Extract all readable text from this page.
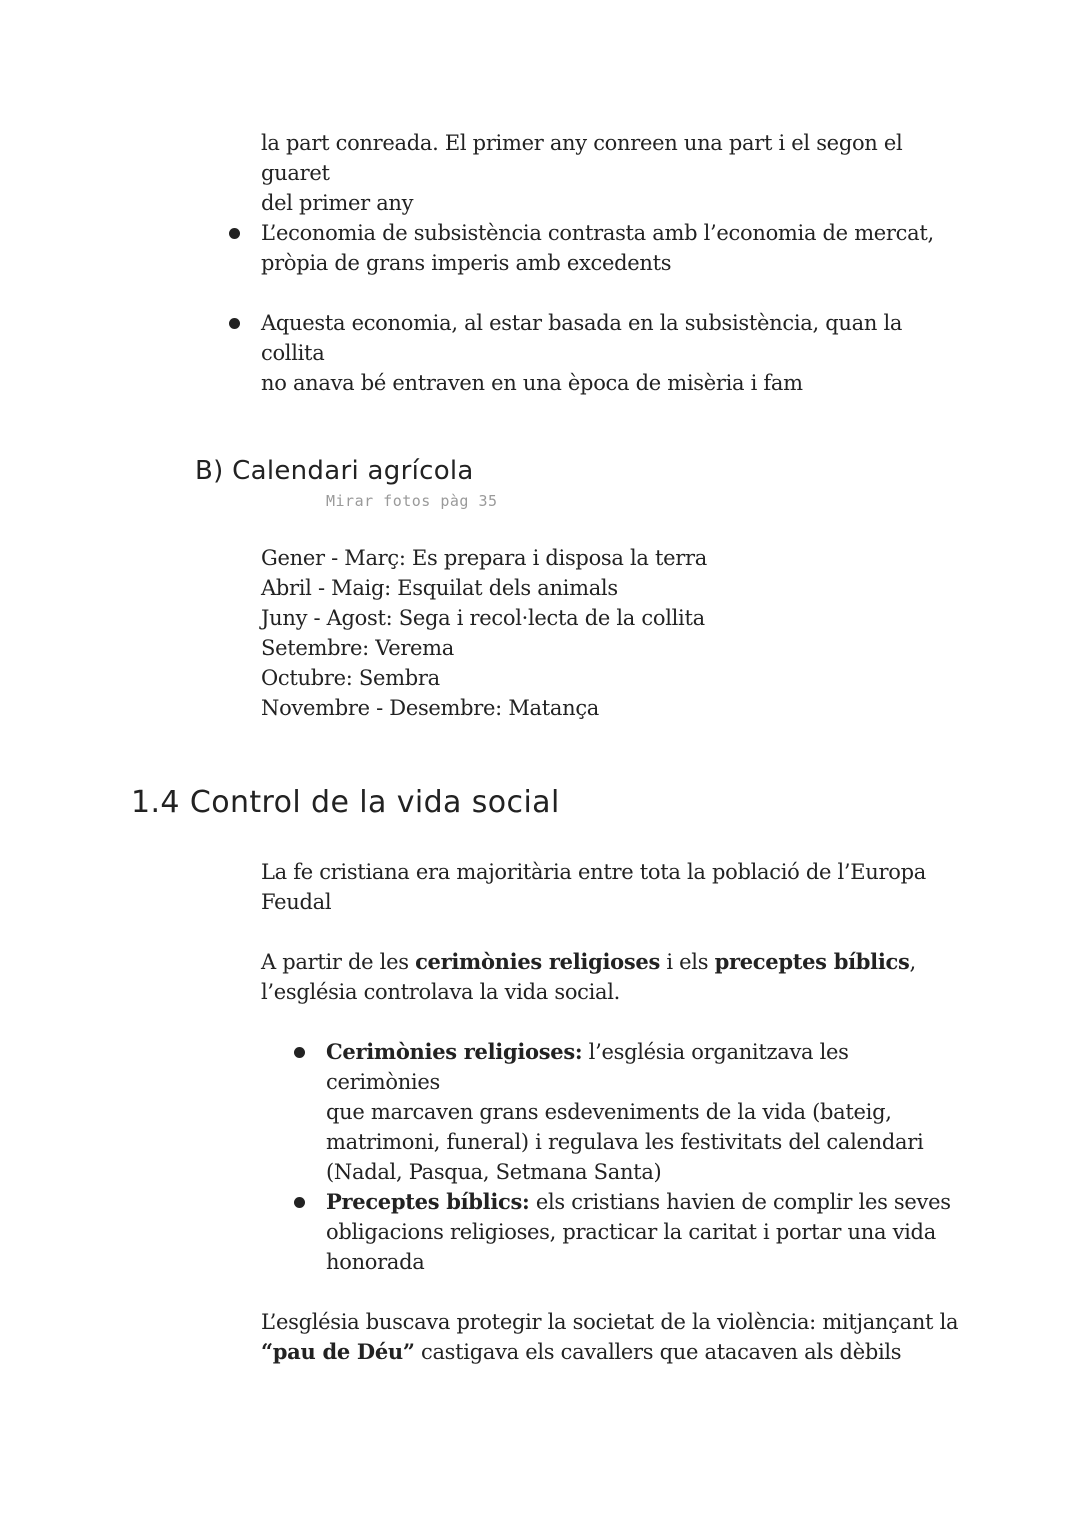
la part conreada. El primer any conreen una part i el segon el guaret
del primer any
L’economia de subsistència contrasta amb l’economia de mercat,
pròpia de grans imperis amb excedents
Aquesta economia, al estar basada en la subsistència, quan la collita
no anava bé entraven en una època de misèria i fam
B) Calendari agrícola
Mirar fotos pàg 35
Gener - Març: Es prepara i disposa la terra
Abril - Maig: Esquilat dels animals
Juny - Agost: Sega i recol·lecta de la collita
Setembre: Verema
Octubre: Sembra
Novembre - Desembre: Matança
1.4 Control de la vida social
La fe cristiana era majoritària entre tota la població de l’Europa
Feudal
A partir de les cerimònies religioses i els preceptes bíblics,
l’església controlava la vida social.
Cerimònies religioses: l’església organitzava les cerimònies
que marcaven grans esdeveniments de la vida (bateig,
matrimoni, funeral) i regulava les festivitats del calendari
(Nadal, Pasqua, Setmana Santa)
Preceptes bíblics: els cristians havien de complir les seves
obligacions religioses, practicar la caritat i portar una vida
honorada
L’església buscava protegir la societat de la violència: mitjançant la
“pau de Déu” castigava els cavallers que atacaven als dèbils
